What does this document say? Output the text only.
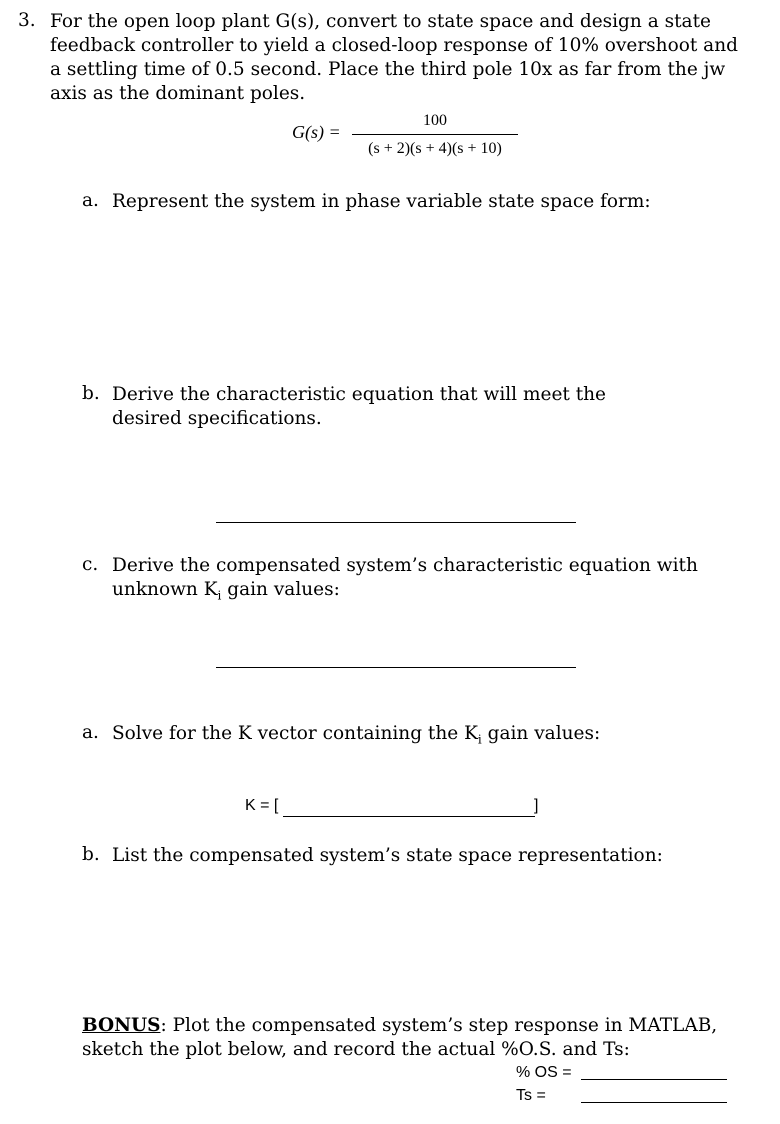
3. For the open loop plant G(s), convert to state space and design a state feedback controller to yield a closed-loop response of 10% overshoot and a settling time of 0.5 second. Place the third pole 10x as far from the jw axis as the dominant poles.
G(s) =
100
(s + 2)(s + 4)(s + 10)
a. Represent the system in phase variable state space form:
b. Derive the characteristic equation that will meet the desired specifications.
c. Derive the compensated system’s characteristic equation with unknown $K_i$ gain values:
a. Solve for the K vector containing the $K_i$ gain values:
K = [	]
b. List the compensated system’s state space representation:
BONUS: Plot the compensated system’s step response in MATLAB, sketch the plot below, and record the actual %O.S. and Ts:
% OS =
Ts =
